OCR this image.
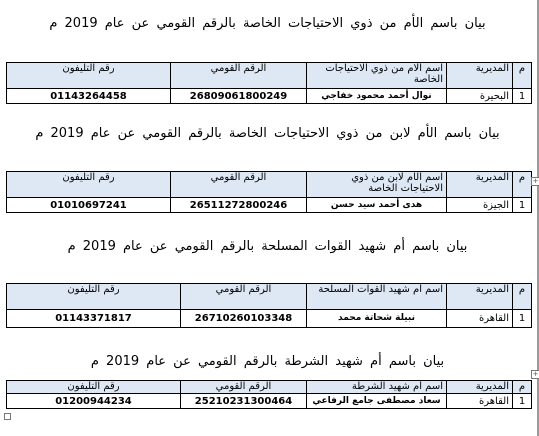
بيان باسم الأم من ذوي الاحتياجات الخاصة بالرقم القومي عن عام 2019 م
م	المديرية	اسم الام من ذوي الاحتياجات الخاصة	الرقم القومي	رقم التليفون
1	البحيرة	نوال أحمد محمود خفاجي	26809061800249	01143264458
بيان باسم الأم لابن من ذوي الاحتياجات الخاصة بالرقم القومي عن عام 2019 م
م	المديرية	اسم الأم لابن من ذوي الاحتياجات الخاصة	الرقم القومي	رقم التليفون
1	الجيزة	هدى أحمد سيد حسن	26511272800246	01010697241
+
بيان باسم أم شهيد القوات المسلحة بالرقم القومي عن عام 2019 م
م	المديرية	اسم أم شهيد القوات المسلحة	الرقم القومي	رقم التليفون
1	القاهرة	نبيلة شحاتة محمد	26710260103348	01143371817
بيان باسم أم شهيد الشرطة بالرقم القومي عن عام 2019 م
م	المديرية	اسم أم شهيد الشرطة	الرقم القومي	رقم التليفون
1	القاهرة	سعاد مصطفى جامع الرفاعي	25210231300464	01200944234
+
